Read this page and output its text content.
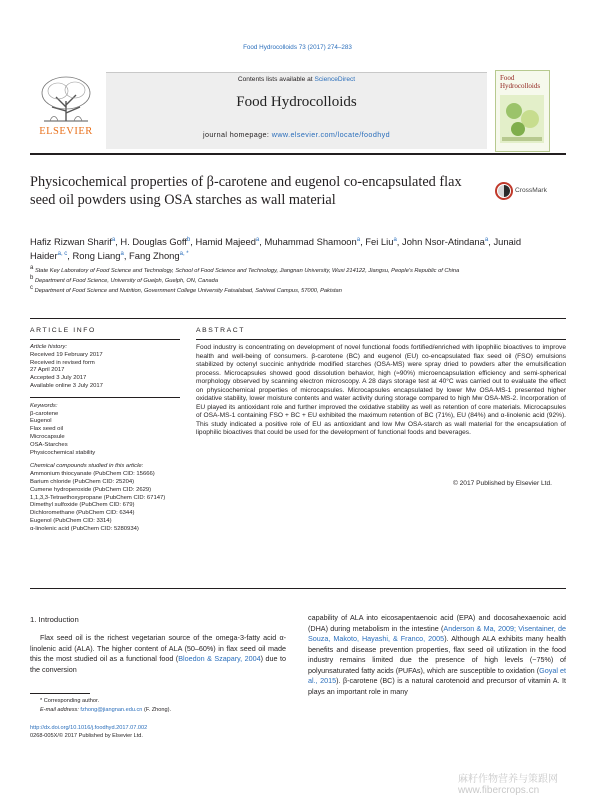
Food Hydrocolloids 73 (2017) 274–283
Contents lists available at ScienceDirect
Food Hydrocolloids
journal homepage: www.elsevier.com/locate/foodhyd
ELSEVIER
Food
Hydrocolloids
Physicochemical properties of β-carotene and eugenol co-encapsulated flax seed oil powders using OSA starches as wall material
CrossMark
Hafiz Rizwan Sharif$^a$, H. Douglas Goff$^b$, Hamid Majeed$^a$, Muhammad Shamoon$^a$, Fei Liu$^a$, John Nsor-Atindana$^a$, Junaid Haider$^{a, c}$, Rong Liang$^a$, Fang Zhong$^{a, *}$
$^a$ State Key Laboratory of Food Science and Technology, School of Food Science and Technology, Jiangnan University, Wuxi 214122, Jiangsu, People's Republic of China
$^b$ Department of Food Science, University of Guelph, Guelph, ON, Canada
$^c$ Department of Food Science and Nutrition, Government College University Faisalabad, Sahiwal Campus, 57000, Pakistan
ARTICLE INFO
Article history:
Received 19 February 2017
Received in revised form
27 April 2017
Accepted 3 July 2017
Available online 3 July 2017
Keywords:
β-carotene
Eugenol
Flax seed oil
Microcapsule
OSA-Starches
Physicochemical stability
Chemical compounds studied in this article:
Ammonium thiocyanate (PubChem CID: 15666)
Barium chloride (PubChem CID: 25204)
Cumene hydroperoxide (PubChem CID: 2629)
1,1,3,3-Tetraethoxypropane (PubChem CID: 67147)
Dimethyl sulfoxide (PubChem CID: 679)
Dichloromethane (PubChem CID: 6344)
Eugenol (PubChem CID: 3314)
α-linolenic acid (PubChem CID: 5280934)
ABSTRACT
Food industry is concentrating on development of novel functional foods fortified/enriched with lipophilic bioactives to improve health and well-being of consumers. β-carotene (BC) and eugenol (EU) co-encapsulated flax seed oil (FSO) emulsions stabilized by octenyl succinic anhydride modified starches (OSA-MS) were spray dried to powders after the emulsification process. Microcapsules showed good dissolution behavior, high (≈90%) microencapsulation efficiency and semi-spherical morphology observed by scanning electron microscopy. A 28 days storage test at 40°C was carried out to evaluate the effect on physicochemical properties of microcapsules. Microcapsules encapsulated by lower Mw OSA-MS-1 presented higher oxidative stability, lower moisture contents and water activity during storage compared to high Mw OSA-MS-2. Incorporation of EU played its antioxidant role and further improved the oxidative stability as well as retention of core materials. Microcapsules of OSA-MS-1 containing FSO + BC + EU exhibited the maximum retention of BC (71%), EU (84%) and α-linolenic acid (92%). This study indicated a positive role of EU as antioxidant and low Mw OSA-starch as wall material for the encapsulation of lipophilic bioactives that could be used for the development of functional foods and beverages.
© 2017 Published by Elsevier Ltd.
1. Introduction
Flax seed oil is the richest vegetarian source of the omega-3-fatty acid α-linolenic acid (ALA). The higher content of ALA (50–60%) in flax seed oil made this the most studied oil as a functional food (Bloedon & Szapary, 2004) due to the conversion
capability of ALA into eicosapentaenoic acid (EPA) and docosahexaenoic acid (DHA) during metabolism in the intestine (Anderson & Ma, 2009; Visentainer, de Souza, Makoto, Hayashi, & Franco, 2005). Although ALA exhibits many health benefits and disease prevention properties, flax seed oil utilization in the food industry remains limited due the presence of high levels (~75%) of polyunsaturated fatty acids (PUFAs), which are susceptible to oxidation (Goyal et al., 2015). β-carotene (BC) is a natural carotenoid and precursor of vitamin A. It plays an important role in many
* Corresponding author.
E-mail address: fzhong@jiangnan.edu.cn (F. Zhong).
http://dx.doi.org/10.1016/j.foodhyd.2017.07.002
0268-005X/© 2017 Published by Elsevier Ltd.
麻籽作物营养与策跟网 www.fibercrops.cn
